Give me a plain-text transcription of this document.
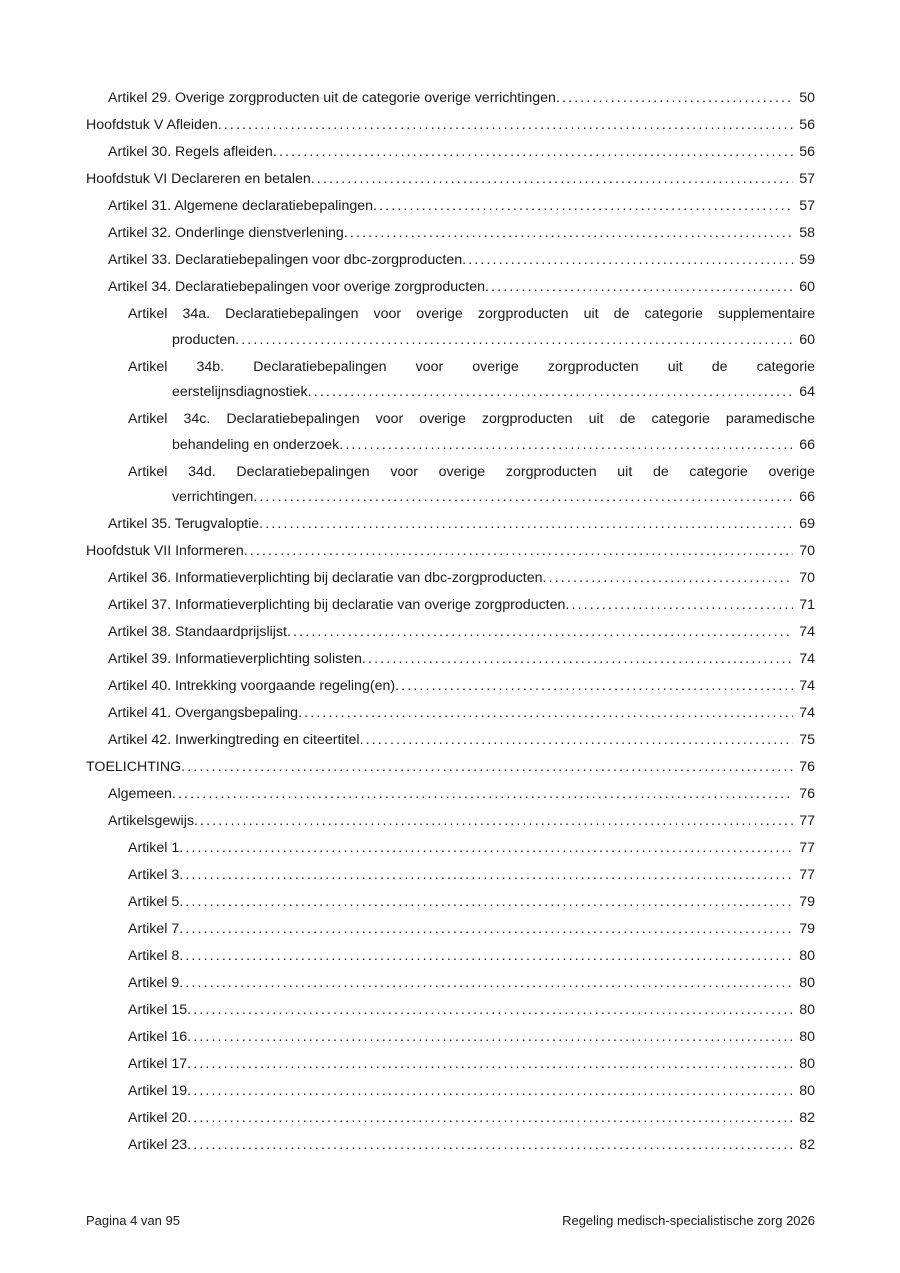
Artikel 29. Overige zorgproducten uit de categorie overige verrichtingen . . .	50
Hoofdstuk V Afleiden . . .	56
Artikel 30. Regels afleiden . . .	56
Hoofdstuk VI Declareren en betalen . . .	57
Artikel 31. Algemene declaratiebepalingen . . .	57
Artikel 32. Onderlinge dienstverlening . . .	58
Artikel 33. Declaratiebepalingen voor dbc-zorgproducten . . .	59
Artikel 34. Declaratiebepalingen voor overige zorgproducten . . .	60
Artikel 34a. Declaratiebepalingen voor overige zorgproducten uit de categorie supplementaire
producten . . .	60
Artikel 34b. Declaratiebepalingen voor overige zorgproducten uit de categorie
eerstelijnsdiagnostiek . . .	64
Artikel 34c. Declaratiebepalingen voor overige zorgproducten uit de categorie paramedische
behandeling en onderzoek . . .	66
Artikel 34d. Declaratiebepalingen voor overige zorgproducten uit de categorie overige
verrichtingen . . .	66
Artikel 35. Terugvaloptie . . .	69
Hoofdstuk VII Informeren . . .	70
Artikel 36. Informatieverplichting bij declaratie van dbc-zorgproducten . . .	70
Artikel 37. Informatieverplichting bij declaratie van overige zorgproducten . . .	71
Artikel 38. Standaardprijslijst . . .	74
Artikel 39. Informatieverplichting solisten . . .	74
Artikel 40. Intrekking voorgaande regeling(en) . . .	74
Artikel 41. Overgangsbepaling . . .	74
Artikel 42. Inwerkingtreding en citeertitel . . .	75
TOELICHTING . . .	76
Algemeen . . .	76
Artikelsgewijs . . .	77
Artikel 1 . . .	77
Artikel 3 . . .	77
Artikel 5 . . .	79
Artikel 7 . . .	79
Artikel 8 . . .	80
Artikel 9 . . .	80
Artikel 15 . . .	80
Artikel 16 . . .	80
Artikel 17 . . .	80
Artikel 19 . . .	80
Artikel 20 . . .	82
Artikel 23 . . .	82
Pagina 4 van 95	Regeling medisch-specialistische zorg 2026
